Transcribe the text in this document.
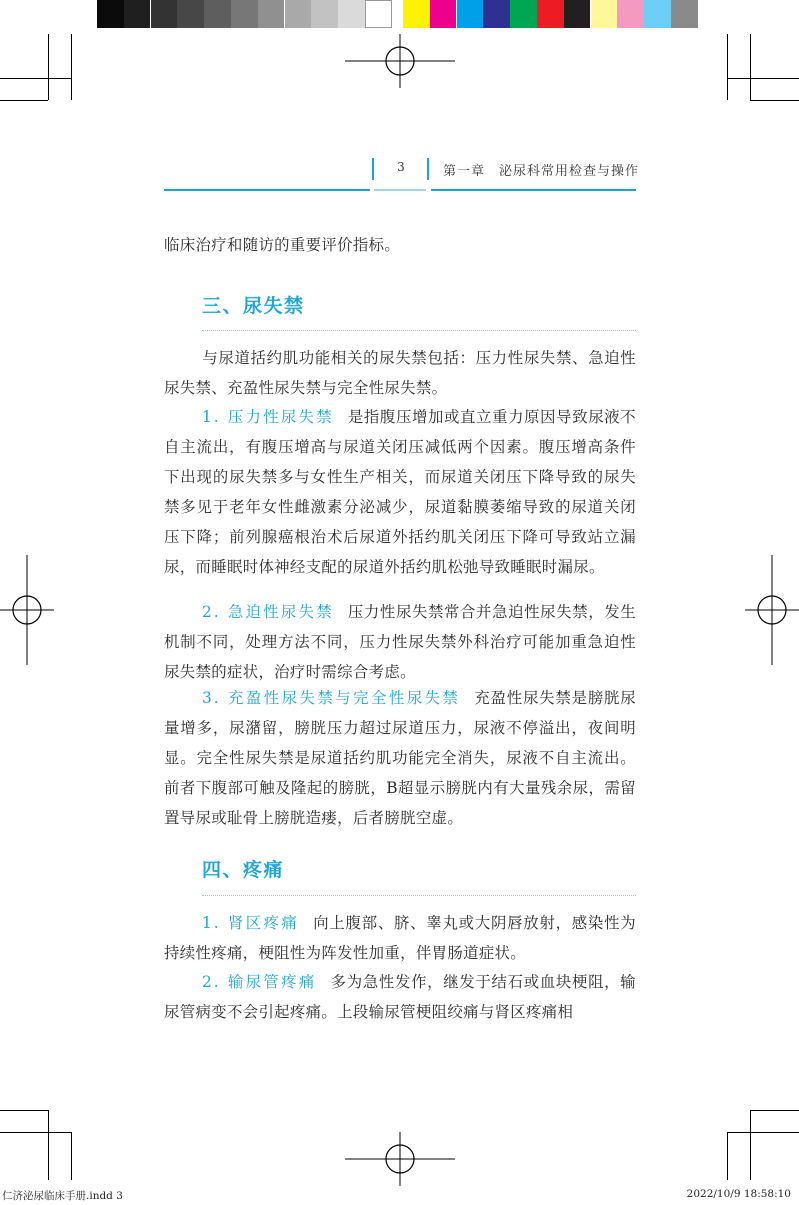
3	第一章　泌尿科常用检查与操作
临床治疗和随访的重要评价指标。
三、尿失禁
与尿道括约肌功能相关的尿失禁包括：压力性尿失禁、急迫性尿失禁、充盈性尿失禁与完全性尿失禁。
1. 压力性尿失禁 是指腹压增加或直立重力原因导致尿液不自主流出，有腹压增高与尿道关闭压减低两个因素。腹压增高条件下出现的尿失禁多与女性生产相关，而尿道关闭压下降导致的尿失禁多见于老年女性雌激素分泌减少，尿道黏膜萎缩导致的尿道关闭压下降；前列腺癌根治术后尿道外括约肌关闭压下降可导致站立漏尿，而睡眠时体神经支配的尿道外括约肌松弛导致睡眠时漏尿。
2. 急迫性尿失禁 压力性尿失禁常合并急迫性尿失禁，发生机制不同，处理方法不同，压力性尿失禁外科治疗可能加重急迫性尿失禁的症状，治疗时需综合考虑。
3. 充盈性尿失禁与完全性尿失禁 充盈性尿失禁是膀胱尿量增多，尿潴留，膀胱压力超过尿道压力，尿液不停溢出，夜间明显。完全性尿失禁是尿道括约肌功能完全消失，尿液不自主流出。前者下腹部可触及隆起的膀胱，B超显示膀胱内有大量残余尿，需留置导尿或耻骨上膀胱造瘘，后者膀胱空虚。
四、疼痛
1. 肾区疼痛 向上腹部、脐、睾丸或大阴唇放射，感染性为持续性疼痛，梗阻性为阵发性加重，伴胃肠道症状。
2. 输尿管疼痛 多为急性发作，继发于结石或血块梗阻，输尿管病变不会引起疼痛。上段输尿管梗阻绞痛与肾区疼痛相
仁济泌尿临床手册.indd 3	2022/10/9 18:58:10
